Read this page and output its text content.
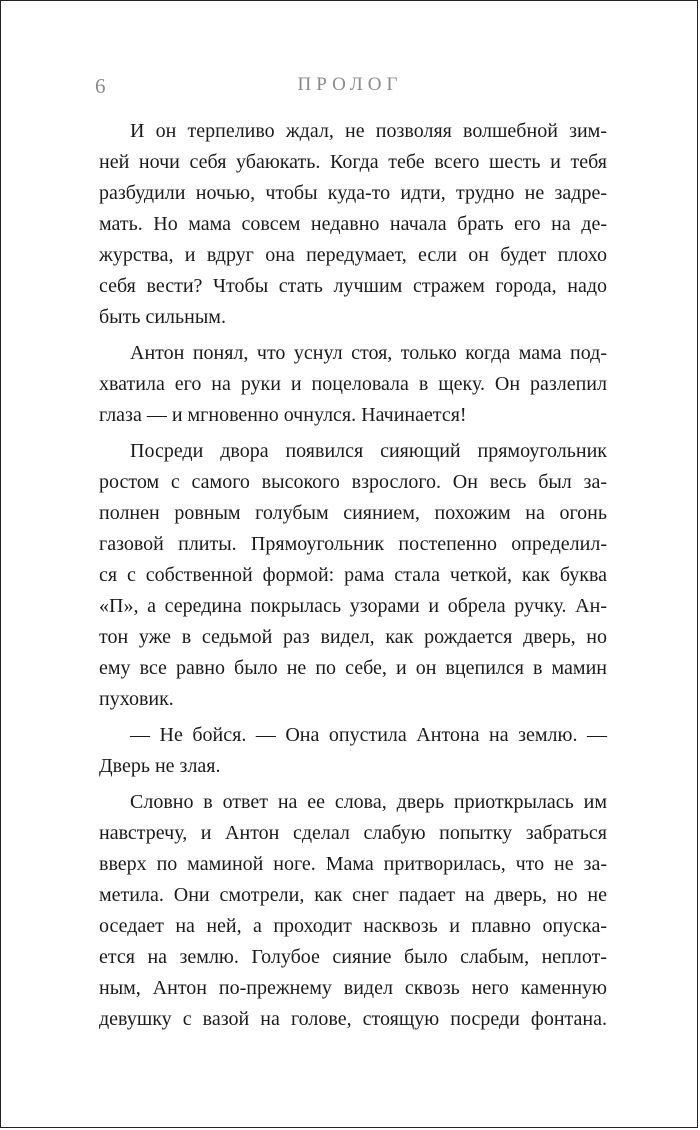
6	ПРОЛОГ
И он терпеливо ждал, не позволяя волшебной зим-
ней ночи себя убаюкать. Когда тебе всего шесть и тебя
разбудили ночью, чтобы куда-то идти, трудно не задре-
мать. Но мама совсем недавно начала брать его на де-
журства, и вдруг она передумает, если он будет плохо
себя вести? Чтобы стать лучшим стражем города, надо
быть сильным.
Антон понял, что уснул стоя, только когда мама под-
хватила его на руки и поцеловала в щеку. Он разлепил
глаза — и мгновенно очнулся. Начинается!
Посреди двора появился сияющий прямоугольник
ростом с самого высокого взрослого. Он весь был за-
полнен ровным голубым сиянием, похожим на огонь
газовой плиты. Прямоугольник постепенно определил-
ся с собственной формой: рама стала четкой, как буква
«П», а середина покрылась узорами и обрела ручку. Ан-
тон уже в седьмой раз видел, как рождается дверь, но
ему все равно было не по себе, и он вцепился в мамин
пуховик.
— Не бойся. — Она опустила Антона на землю. —
Дверь не злая.
Словно в ответ на ее слова, дверь приоткрылась им
навстречу, и Антон сделал слабую попытку забраться
вверх по маминой ноге. Мама притворилась, что не за-
метила. Они смотрели, как снег падает на дверь, но не
оседает на ней, а проходит насквозь и плавно опуска-
ется на землю. Голубое сияние было слабым, неплот-
ным, Антон по-прежнему видел сквозь него каменную
девушку с вазой на голове, стоящую посреди фонтана.
